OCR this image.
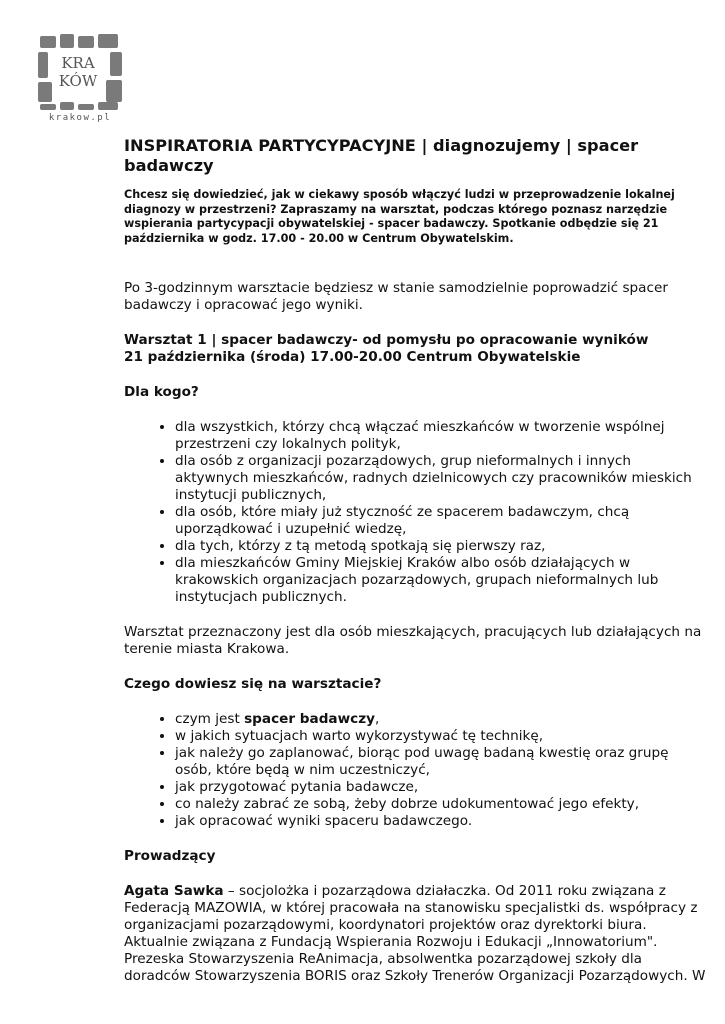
KRA
KÓW
krakow.pl
INSPIRATORIA PARTYCYPACYJNE | diagnozujemy | spacer badawczy
Chcesz się dowiedzieć, jak w ciekawy sposób włączyć ludzi w przeprowadzenie lokalnej diagnozy w przestrzeni? Zapraszamy na warsztat, podczas którego poznasz narzędzie wspierania partycypacji obywatelskiej - spacer badawczy. Spotkanie odbędzie się 21 października w godz. 17.00 - 20.00 w Centrum Obywatelskim.

Po 3-godzinnym warsztacie będziesz w stanie samodzielnie poprowadzić spacer badawczy i opracować jego wyniki.

Warsztat 1 | spacer badawczy- od pomysłu po opracowanie wyników
21 października (środa) 17.00-20.00 Centrum Obywatelskie

Dla kogo?

• dla wszystkich, którzy chcą włączać mieszkańców w tworzenie wspólnej przestrzeni czy lokalnych polityk,
• dla osób z organizacji pozarządowych, grup nieformalnych i innych aktywnych mieszkańców, radnych dzielnicowych czy pracowników mieskich instytucji publicznych,
• dla osób, które miały już styczność ze spacerem badawczym, chcą uporządkować i uzupełnić wiedzę,
• dla tych, którzy z tą metodą spotkają się pierwszy raz,
• dla mieszkańców Gminy Miejskiej Kraków albo osób działających w krakowskich organizacjach pozarządowych, grupach nieformalnych lub instytucjach publicznych.

Warsztat przeznaczony jest dla osób mieszkających, pracujących lub działających na terenie miasta Krakowa.

Czego dowiesz się na warsztacie?

• czym jest spacer badawczy,
• w jakich sytuacjach warto wykorzystywać tę technikę,
• jak należy go zaplanować, biorąc pod uwagę badaną kwestię oraz grupę osób, które będą w nim uczestniczyć,
• jak przygotować pytania badawcze,
• co należy zabrać ze sobą, żeby dobrze udokumentować jego efekty,
• jak opracować wyniki spaceru badawczego.

Prowadzący

Agata Sawka – socjolożka i pozarządowa działaczka. Od 2011 roku związana z Federacją MAZOWIA, w której pracowała na stanowisku specjalistki ds. współpracy z organizacjami pozarządowymi, koordynatori projektów oraz dyrektorki biura. Aktualnie związana z Fundacją Wspierania Rozwoju i Edukacji „Innowatorium". Prezeska Stowarzyszenia ReAnimacja, absolwentka pozarządowej szkoły dla doradców Stowarzyszenia BORIS oraz Szkoły Trenerów Organizacji Pozarządowych. W
